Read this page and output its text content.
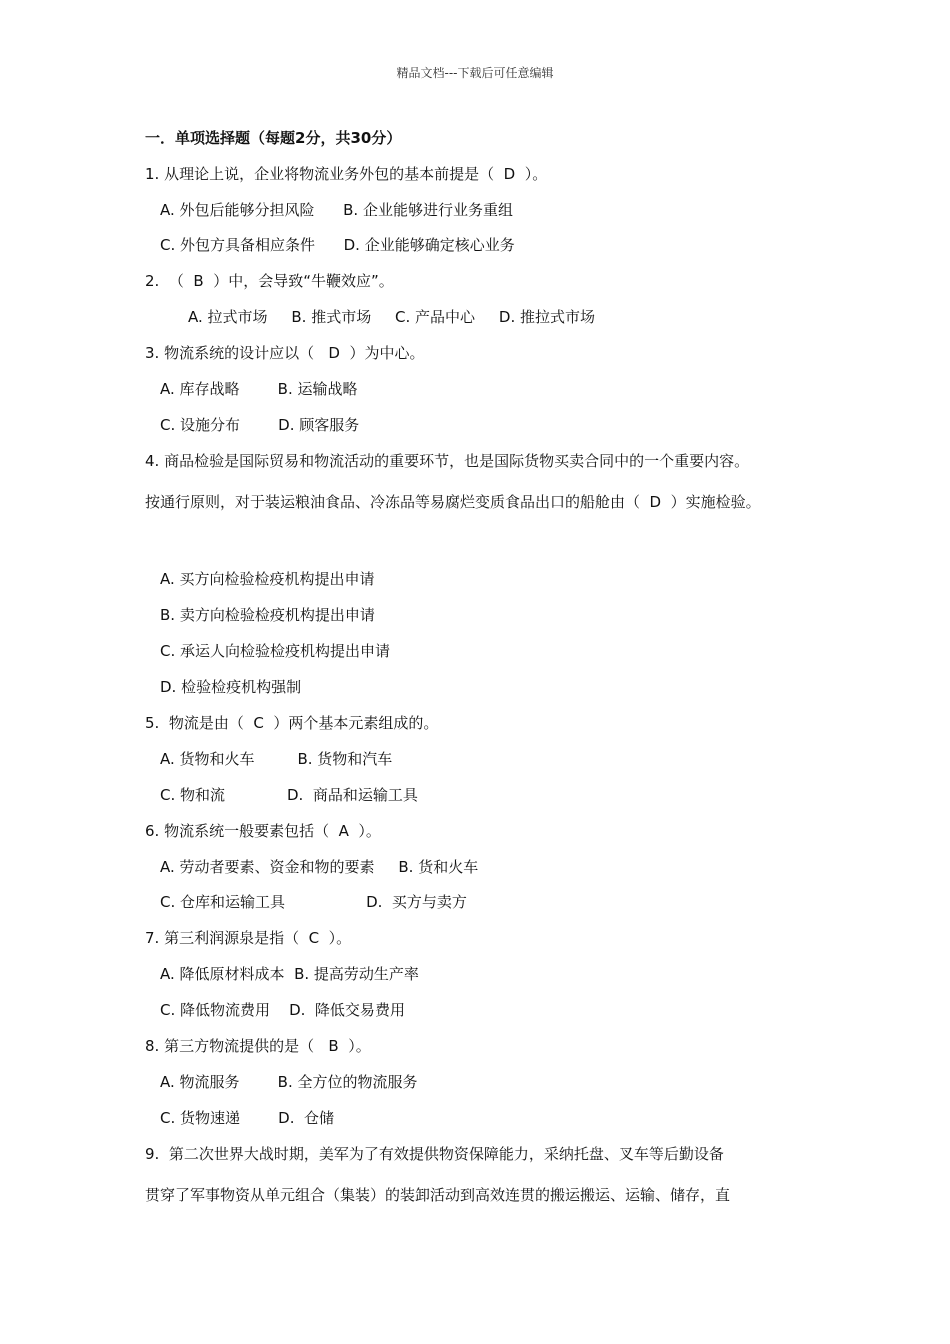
精品文档---下载后可任意编辑
一．单项选择题（每题2分，共30分）
1. 从理论上说，企业将物流业务外包的基本前提是（  D  ）。
A. 外包后能够分担风险      B. 企业能够进行业务重组
C. 外包方具备相应条件      D. 企业能够确定核心业务
2.  （  B  ）中，会导致“牛鞭效应”。
A. 拉式市场     B. 推式市场     C. 产品中心     D. 推拉式市场
3. 物流系统的设计应以（   D  ）为中心。
A. 库存战略        B. 运输战略
C. 设施分布        D. 顾客服务
4. 商品检验是国际贸易和物流活动的重要环节，也是国际货物买卖合同中的一个重要内容。
按通行原则，对于装运粮油食品、冷冻品等易腐烂变质食品出口的船舱由（  D  ）实施检验。
A. 买方向检验检疫机构提出申请
B. 卖方向检验检疫机构提出申请
C. 承运人向检验检疫机构提出申请
D. 检验检疫机构强制
5.  物流是由（  C  ）两个基本元素组成的。
A. 货物和火车         B. 货物和汽车
C. 物和流             D.  商品和运输工具
6. 物流系统一般要素包括（  A  ）。
A. 劳动者要素、资金和物的要素     B. 货和火车
C. 仓库和运输工具                 D.  买方与卖方
7. 第三利润源泉是指（  C  ）。
A. 降低原材料成本  B. 提高劳动生产率
C. 降低物流费用    D.  降低交易费用
8. 第三方物流提供的是（   B  ）。
A. 物流服务        B. 全方位的物流服务
C. 货物速递        D.  仓储
9.  第二次世界大战时期，美军为了有效提供物资保障能力，采纳托盘、叉车等后勤设备
贯穿了军事物资从单元组合（集装）的装卸活动到高效连贯的搬运搬运、运输、储存，直
